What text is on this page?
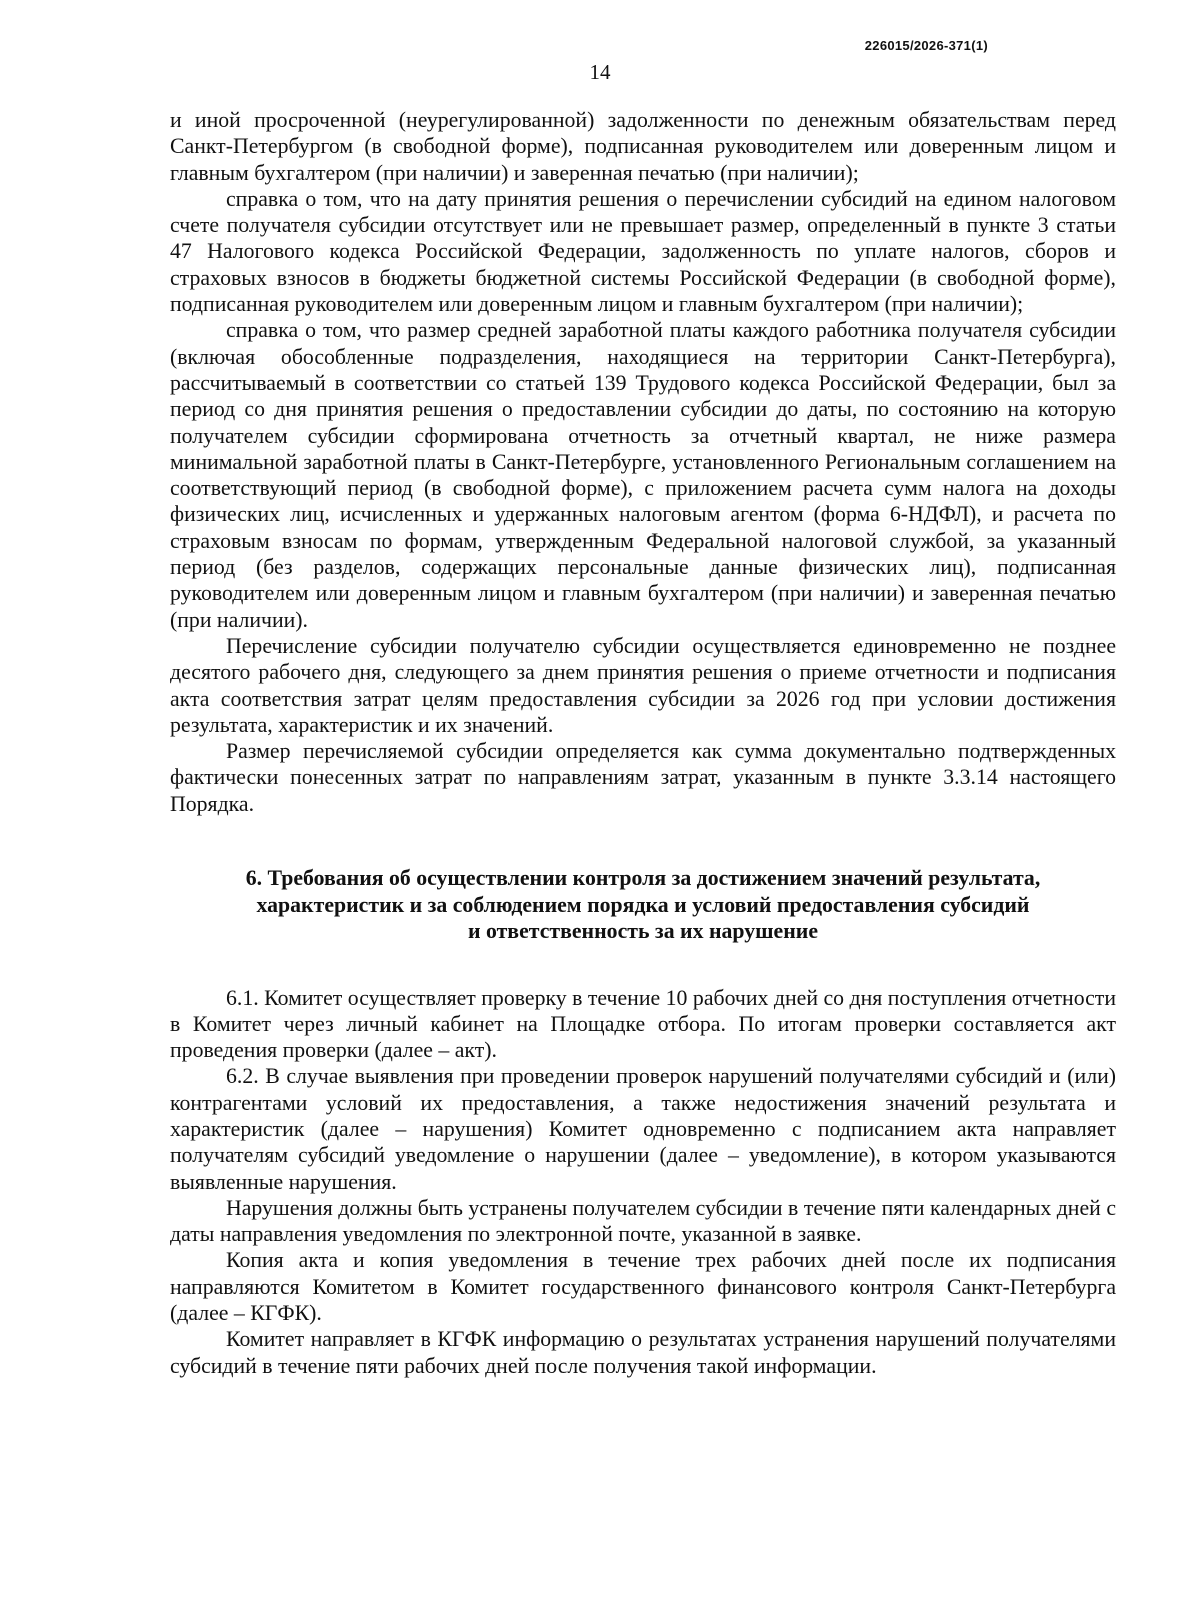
226015/2026-371(1)
14

и иной просроченной (неурегулированной) задолженности по денежным обязательствам перед Санкт-Петербургом (в свободной форме), подписанная руководителем или доверенным лицом и главным бухгалтером (при наличии) и заверенная печатью (при наличии);

справка о том, что на дату принятия решения о перечислении субсидий на едином налоговом счете получателя субсидии отсутствует или не превышает размер, определенный в пункте 3 статьи 47 Налогового кодекса Российской Федерации, задолженность по уплате налогов, сборов и страховых взносов в бюджеты бюджетной системы Российской Федерации (в свободной форме), подписанная руководителем или доверенным лицом и главным бухгалтером (при наличии);

справка о том, что размер средней заработной платы каждого работника получателя субсидии (включая обособленные подразделения, находящиеся на территории Санкт-Петербурга), рассчитываемый в соответствии со статьей 139 Трудового кодекса Российской Федерации, был за период со дня принятия решения о предоставлении субсидии до даты, по состоянию на которую получателем субсидии сформирована отчетность за отчетный квартал, не ниже размера минимальной заработной платы в Санкт-Петербурге, установленного Региональным соглашением на соответствующий период (в свободной форме), с приложением расчета сумм налога на доходы физических лиц, исчисленных и удержанных налоговым агентом (форма 6-НДФЛ), и расчета по страховым взносам по формам, утвержденным Федеральной налоговой службой, за указанный период (без разделов, содержащих персональные данные физических лиц), подписанная руководителем или доверенным лицом и главным бухгалтером (при наличии) и заверенная печатью (при наличии).

Перечисление субсидии получателю субсидии осуществляется единовременно не позднее десятого рабочего дня, следующего за днем принятия решения о приеме отчетности и подписания акта соответствия затрат целям предоставления субсидии за 2026 год при условии достижения результата, характеристик и их значений.

Размер перечисляемой субсидии определяется как сумма документально подтвержденных фактически понесенных затрат по направлениям затрат, указанным в пункте 3.3.14 настоящего Порядка.

6. Требования об осуществлении контроля за достижением значений результата,
характеристик и за соблюдением порядка и условий предоставления субсидий
и ответственность за их нарушение

6.1. Комитет осуществляет проверку в течение 10 рабочих дней со дня поступления отчетности в Комитет через личный кабинет на Площадке отбора. По итогам проверки составляется акт проведения проверки (далее – акт).

6.2. В случае выявления при проведении проверок нарушений получателями субсидий и (или) контрагентами условий их предоставления, а также недостижения значений результата и характеристик (далее – нарушения) Комитет одновременно с подписанием акта направляет получателям субсидий уведомление о нарушении (далее – уведомление), в котором указываются выявленные нарушения.

Нарушения должны быть устранены получателем субсидии в течение пяти календарных дней с даты направления уведомления по электронной почте, указанной в заявке.

Копия акта и копия уведомления в течение трех рабочих дней после их подписания направляются Комитетом в Комитет государственного финансового контроля Санкт-Петербурга (далее – КГФК).

Комитет направляет в КГФК информацию о результатах устранения нарушений получателями субсидий в течение пяти рабочих дней после получения такой информации.
